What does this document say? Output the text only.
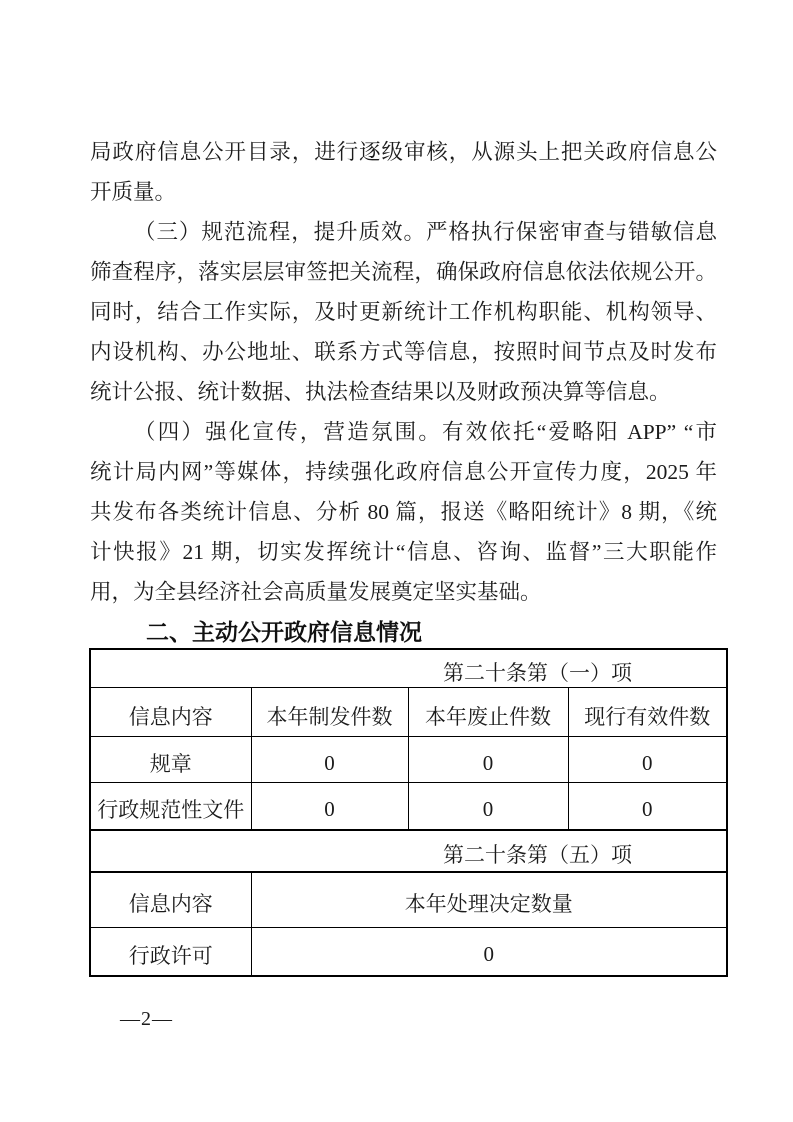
局政府信息公开目录，进行逐级审核，从源头上把关政府信息公
开质量。
（三）规范流程，提升质效。严格执行保密审查与错敏信息
筛查程序，落实层层审签把关流程，确保政府信息依法依规公开。
同时，结合工作实际，及时更新统计工作机构职能、机构领导、
内设机构、办公地址、联系方式等信息，按照时间节点及时发布
统计公报、统计数据、执法检查结果以及财政预决算等信息。
（四）强化宣传，营造氛围。有效依托“爱略阳 APP” “市
统计局内网”等媒体，持续强化政府信息公开宣传力度，2025 年
共发布各类统计信息、分析 80 篇，报送《略阳统计》8 期，《统
计快报》21 期，切实发挥统计“信息、咨询、监督”三大职能作
用，为全县经济社会高质量发展奠定坚实基础。
二、主动公开政府信息情况
第二十条第（一）项			
信息内容	本年制发件数	本年废止件数	现行有效件数
规章	0	0	0
行政规范性文件	0	0	0
第二十条第（五）项			
信息内容	本年处理决定数量		
行政许可	0		
—2—
